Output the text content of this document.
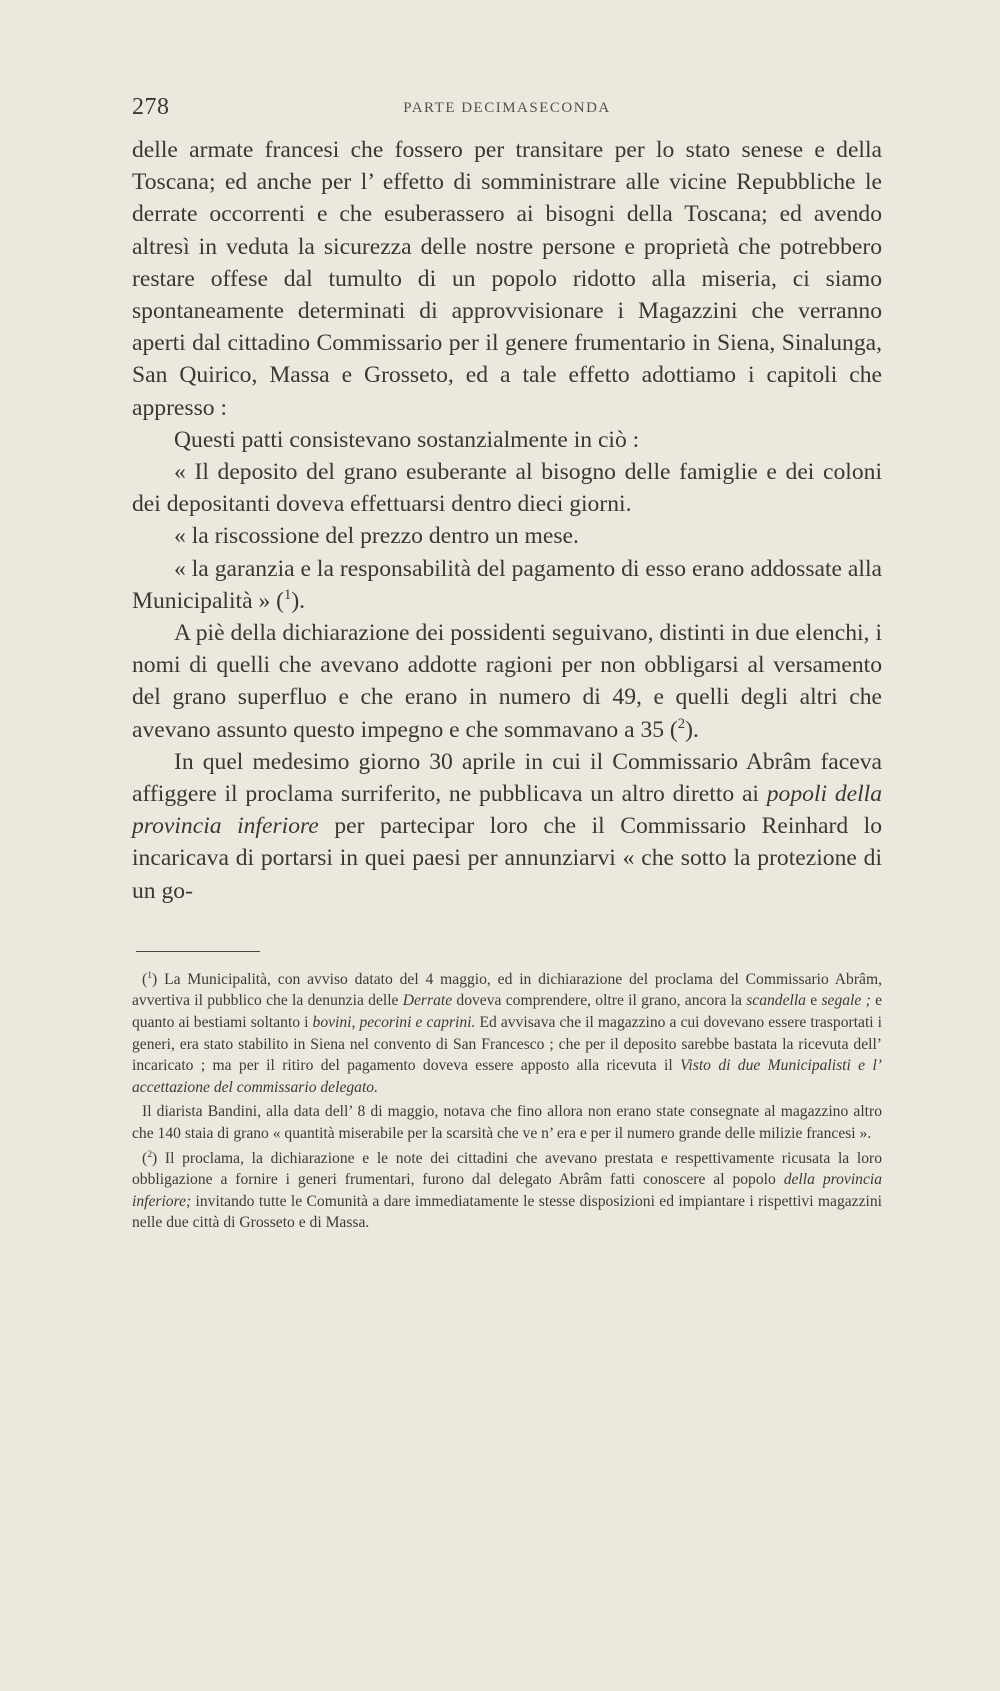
278	PARTE DECIMASECONDA

delle armate francesi che fossero per transitare per lo stato senese e della Toscana; ed anche per l’ effetto di somministrare alle vicine Repubbliche le derrate occorrenti e che esuberassero ai bisogni della Toscana; ed avendo altresì in veduta la sicurezza delle nostre persone e proprietà che potrebbero restare offese dal tumulto di un popolo ridotto alla miseria, ci siamo spontaneamente determinati di approvvisionare i Magazzini che verranno aperti dal cittadino Commissario per il genere frumentario in Siena, Sinalunga, San Quirico, Massa e Grosseto, ed a tale effetto adottiamo i capitoli che appresso :

Questi patti consistevano sostanzialmente in ciò :

« Il deposito del grano esuberante al bisogno delle famiglie e dei coloni dei depositanti doveva effettuarsi dentro dieci giorni.

« la riscossione del prezzo dentro un mese.

« la garanzia e la responsabilità del pagamento di esso erano addossate alla Municipalità » ($^1$).

A piè della dichiarazione dei possidenti seguivano, distinti in due elenchi, i nomi di quelli che avevano addotte ragioni per non obbligarsi al versamento del grano superfluo e che erano in numero di 49, e quelli degli altri che avevano assunto questo impegno e che sommavano a 35 ($^2$).

In quel medesimo giorno 30 aprile in cui il Commissario Abrâm faceva affiggere il proclama surriferito, ne pubblicava un altro diretto ai popoli della provincia inferiore per partecipar loro che il Commissario Reinhard lo incaricava di portarsi in quei paesi per annunziarvi « che sotto la protezione di un go-

($^1$) La Municipalità, con avviso datato del 4 maggio, ed in dichiarazione del proclama del Commissario Abrâm, avvertiva il pubblico che la denunzia delle Derrate doveva comprendere, oltre il grano, ancora la scandella e segale ; e quanto ai bestiami soltanto i bovini, pecorini e caprini. Ed avvisava che il magazzino a cui dovevano essere trasportati i generi, era stato stabilito in Siena nel convento di San Francesco ; che per il deposito sarebbe bastata la ricevuta dell’ incaricato ; ma per il ritiro del pagamento doveva essere apposto alla ricevuta il Visto di due Municipalisti e l’ accettazione del commissario delegato.

Il diarista Bandini, alla data dell’ 8 di maggio, notava che fino allora non erano state consegnate al magazzino altro che 140 staia di grano « quantità miserabile per la scarsità che ve n’ era e per il numero grande delle milizie francesi ».

($^2$) Il proclama, la dichiarazione e le note dei cittadini che avevano prestata e respettivamente ricusata la loro obbligazione a fornire i generi frumentari, furono dal delegato Abrâm fatti conoscere al popolo della provincia inferiore; invitando tutte le Comunità a dare immediatamente le stesse disposizioni ed impiantare i rispettivi magazzini nelle due città di Grosseto e di Massa.
